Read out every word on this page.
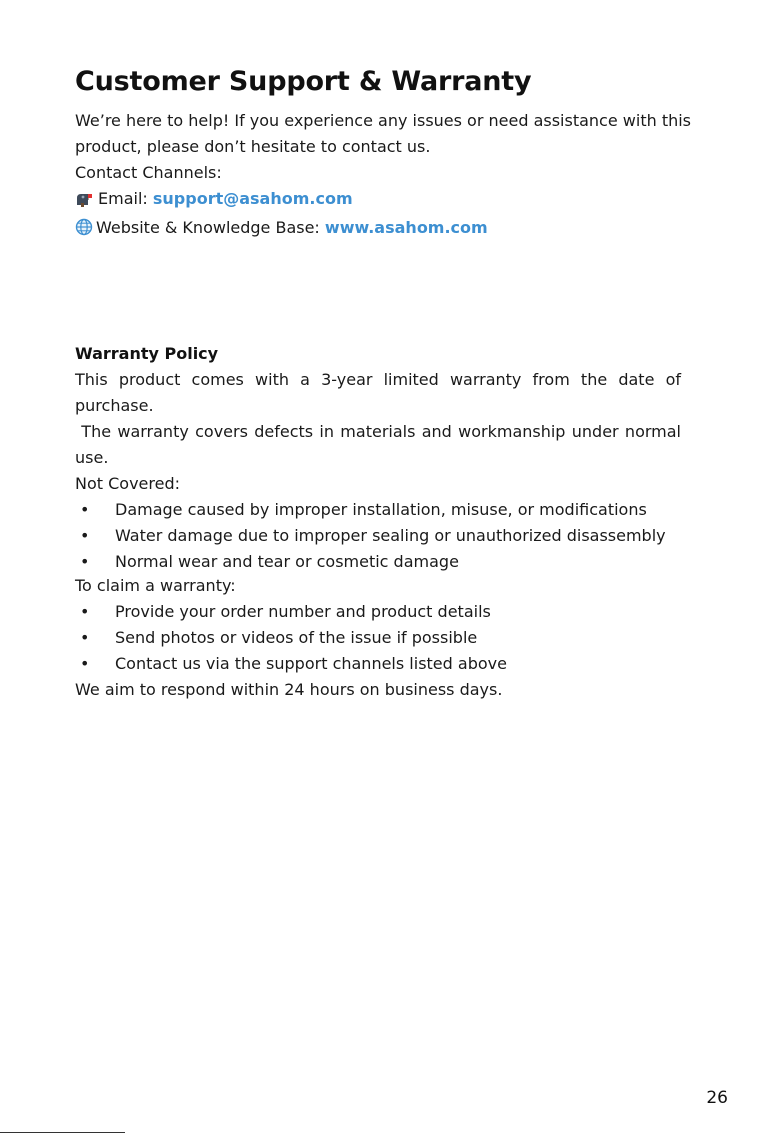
Customer Support & Warranty

We’re here to help! If you experience any issues or need assistance with this

product, please don’t hesitate to contact us.

Contact Channels:

Email: support@asahom.com

Website & Knowledge Base: www.asahom.com

Warranty Policy

This product comes with a 3-year limited warranty from the date of

purchase.

The warranty covers defects in materials and workmanship under normal

use.

Not Covered:

• Damage caused by improper installation, misuse, or modifications
• Water damage due to improper sealing or unauthorized disassembly
• Normal wear and tear or cosmetic damage

To claim a warranty:

• Provide your order number and product details
• Send photos or videos of the issue if possible
• Contact us via the support channels listed above

We aim to respond within 24 hours on business days.

26
